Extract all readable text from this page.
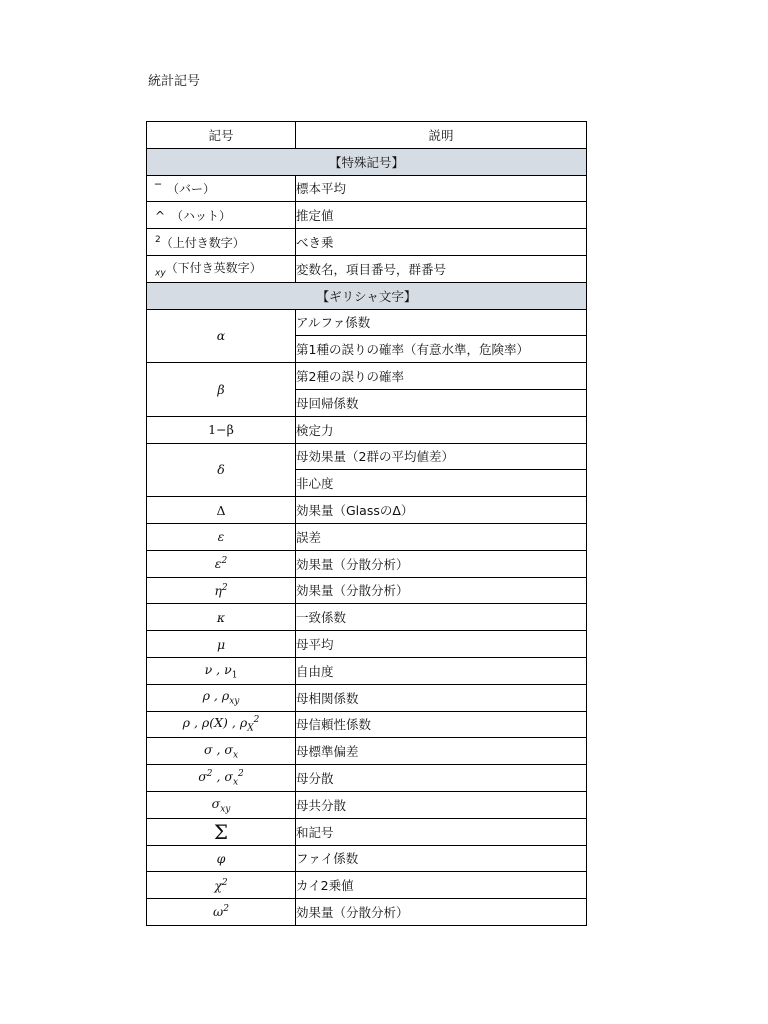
統計記号
記号	説明
【特殊記号】	
‾　（バー）	標本平均
^　（ハット）	推定値
$^2$（上付き数字）	べき乗
$_{xy}$（下付き英数字）	変数名，項目番号，群番号
【ギリシャ文字】	
α	アルファ係数
	第1種の誤りの確率（有意水準，危険率）
β	第2種の誤りの確率
	母回帰係数
1−β	検定力
δ	母効果量（2群の平均値差）
	非心度
Δ	効果量（GlassのΔ）
ε	誤差
$\varepsilon^2$	効果量（分散分析）
$\eta^2$	効果量（分散分析）
κ	一致係数
μ	母平均
ν , $\nu_1$	自由度
ρ , $\rho_{xy}$	母相関係数
ρ , ρ(X) , $\rho_X^2$	母信頼性係数
σ , $\sigma_x$	母標準偏差
$\sigma^2$ , $\sigma_x^2$	母分散
$\sigma_{xy}$	母共分散
Σ	和記号
φ	ファイ係数
$\chi^2$	カイ2乗値
$\omega^2$	効果量（分散分析）
